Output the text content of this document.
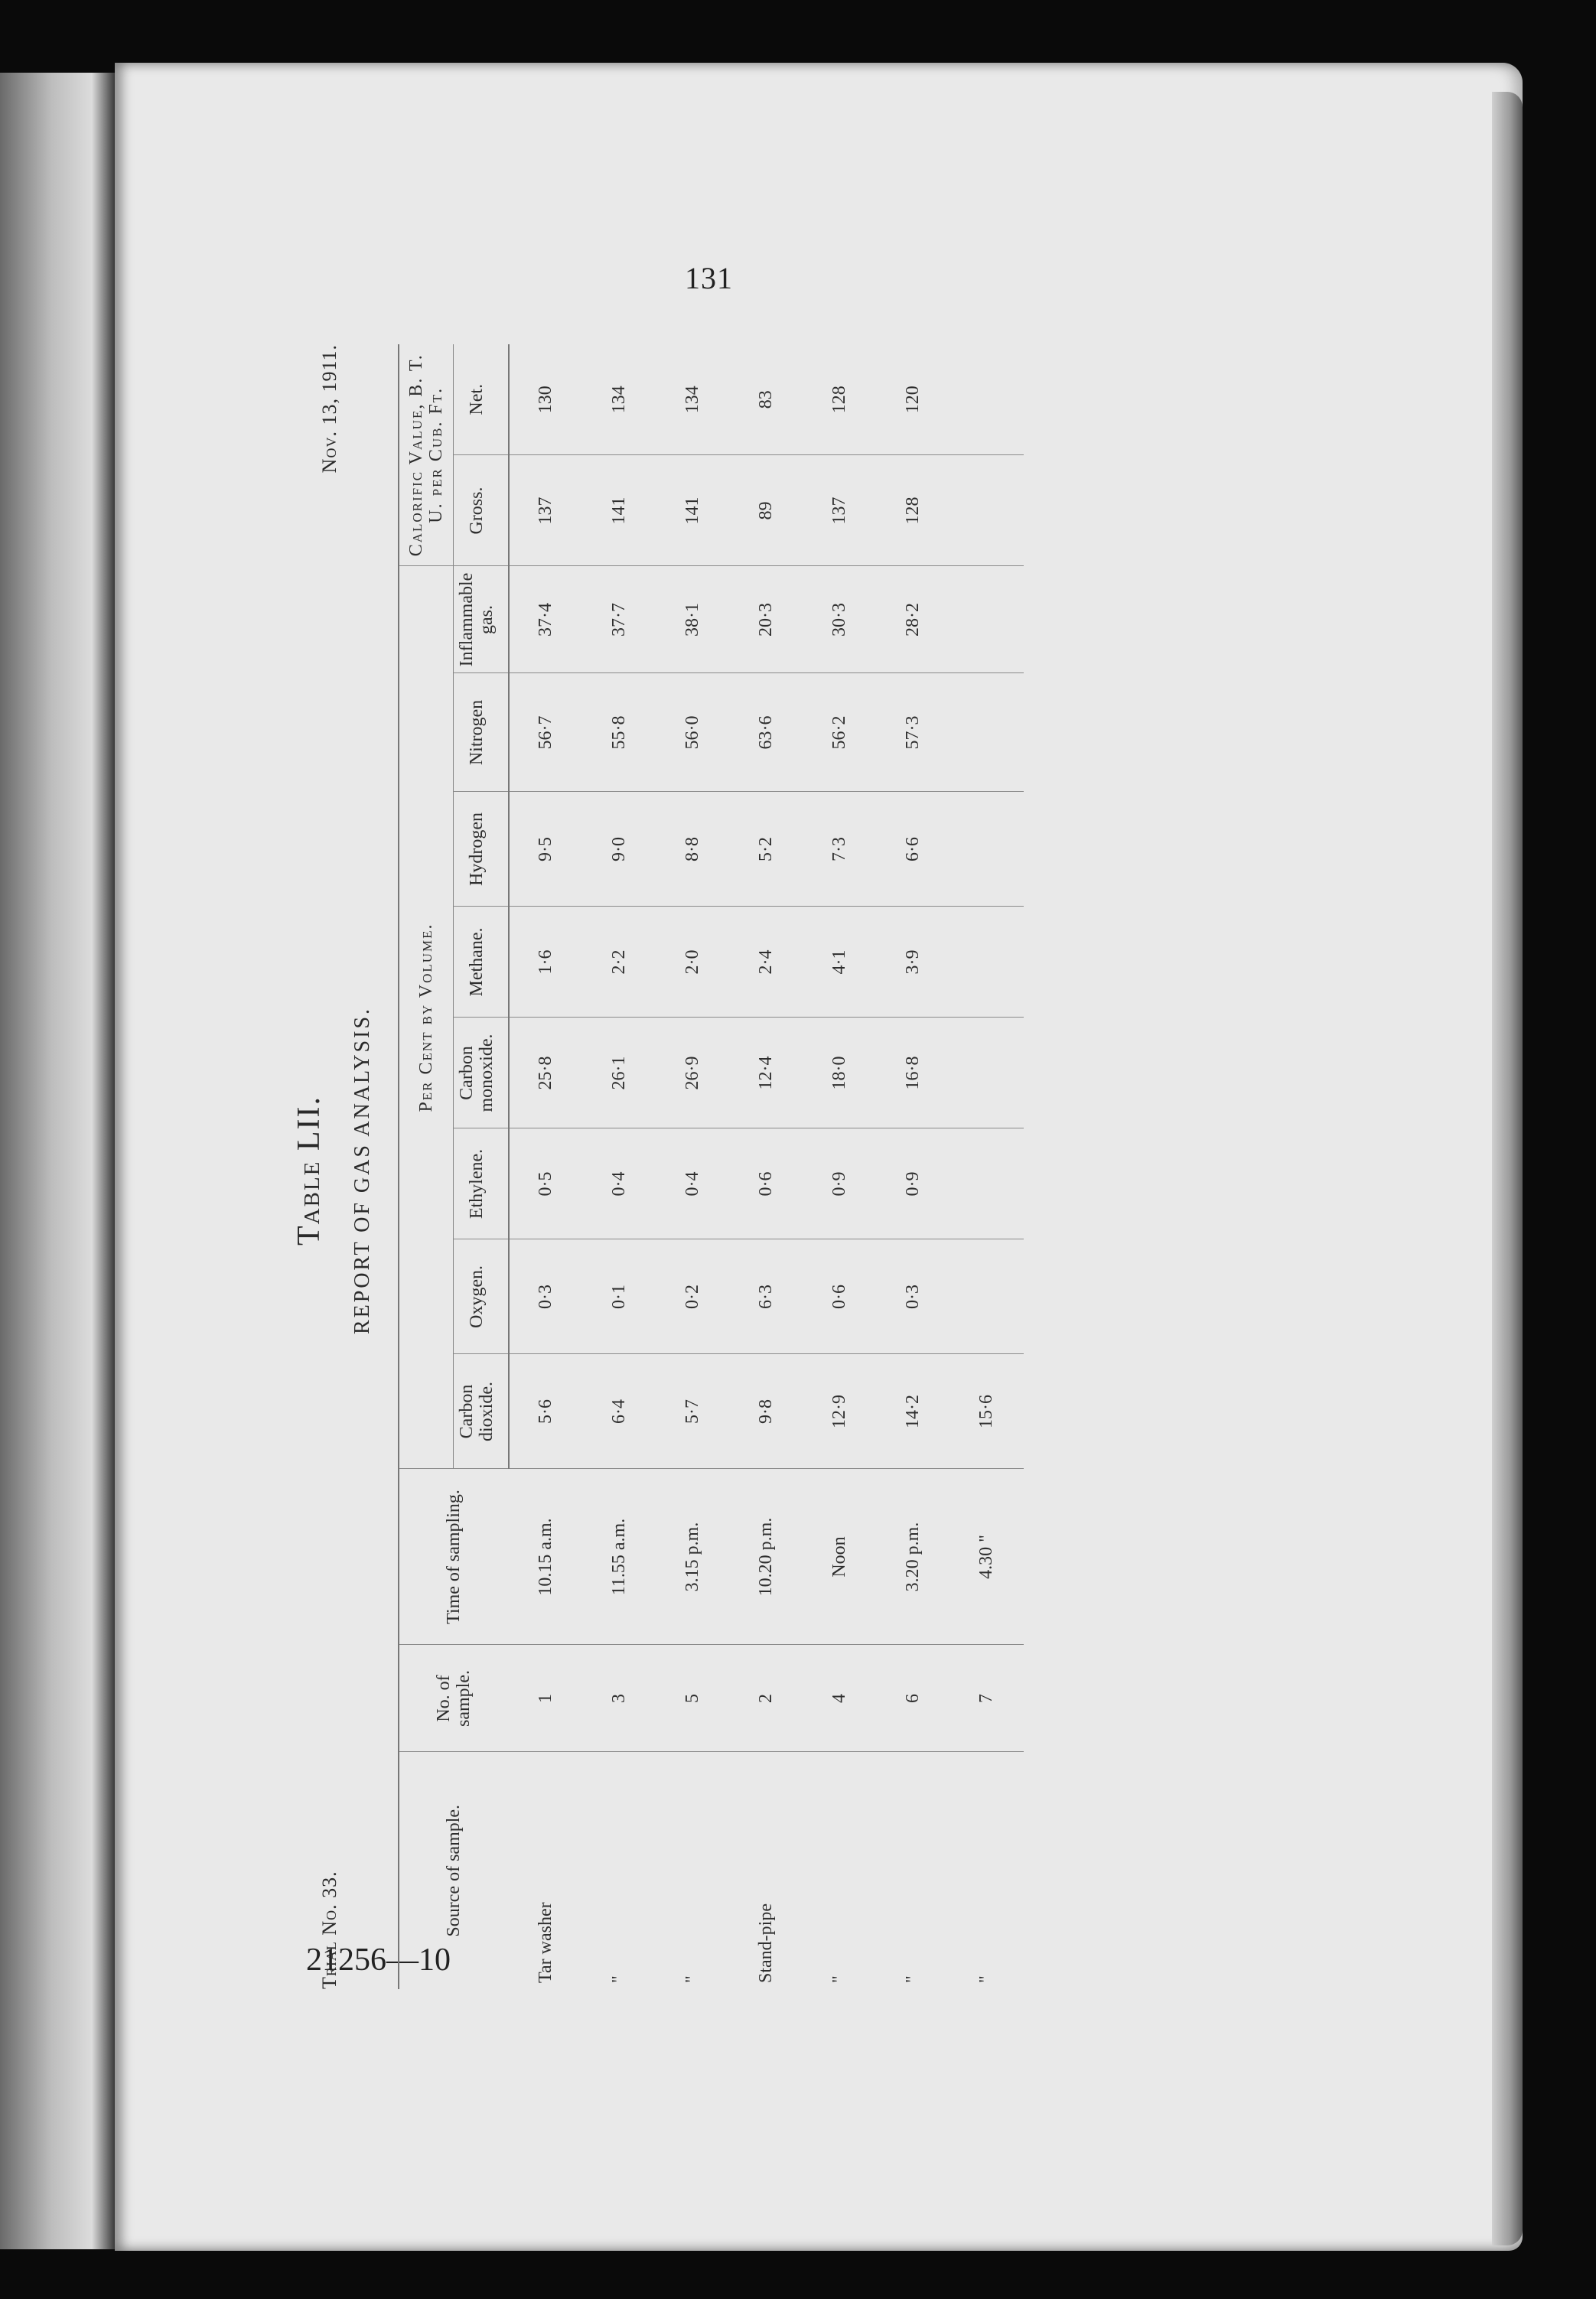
131
21256—10
Table LII. REPORT OF GAS ANALYSIS.
Trial No. 33.
Nov. 13, 1911.
Source of sample.	No. of sample.	Time of sampling.	Per Cent by Volume.								Calorific Value, B. T. U. per Cub. Ft.	
			Carbon dioxide.	Oxygen.	Ethylene.	Carbon monoxide.	Methane.	Hydrogen	Nitrogen	Inflammable gas.	Gross.	Net.
Tar washer	1	10.15 a.m.	5·6	0·3	0·5	25·8	1·6	9·5	56·7	37·4	137	130
"	3	11.55 a.m.	6·4	0·1	0·4	26·1	2·2	9·0	55·8	37·7	141	134
"	5	3.15 p.m.	5·7	0·2	0·4	26·9	2·0	8·8	56·0	38·1	141	134
Stand-pipe	2	10.20 p.m.	9·8	6·3	0·6	12·4	2·4	5·2	63·6	20·3	89	83
"	4	Noon	12·9	0·6	0·9	18·0	4·1	7·3	56·2	30·3	137	128
"	6	3.20 p.m.	14·2	0·3	0·9	16·8	3·9	6·6	57·3	28·2	128	120
"	7	4.30 "	15·6									
